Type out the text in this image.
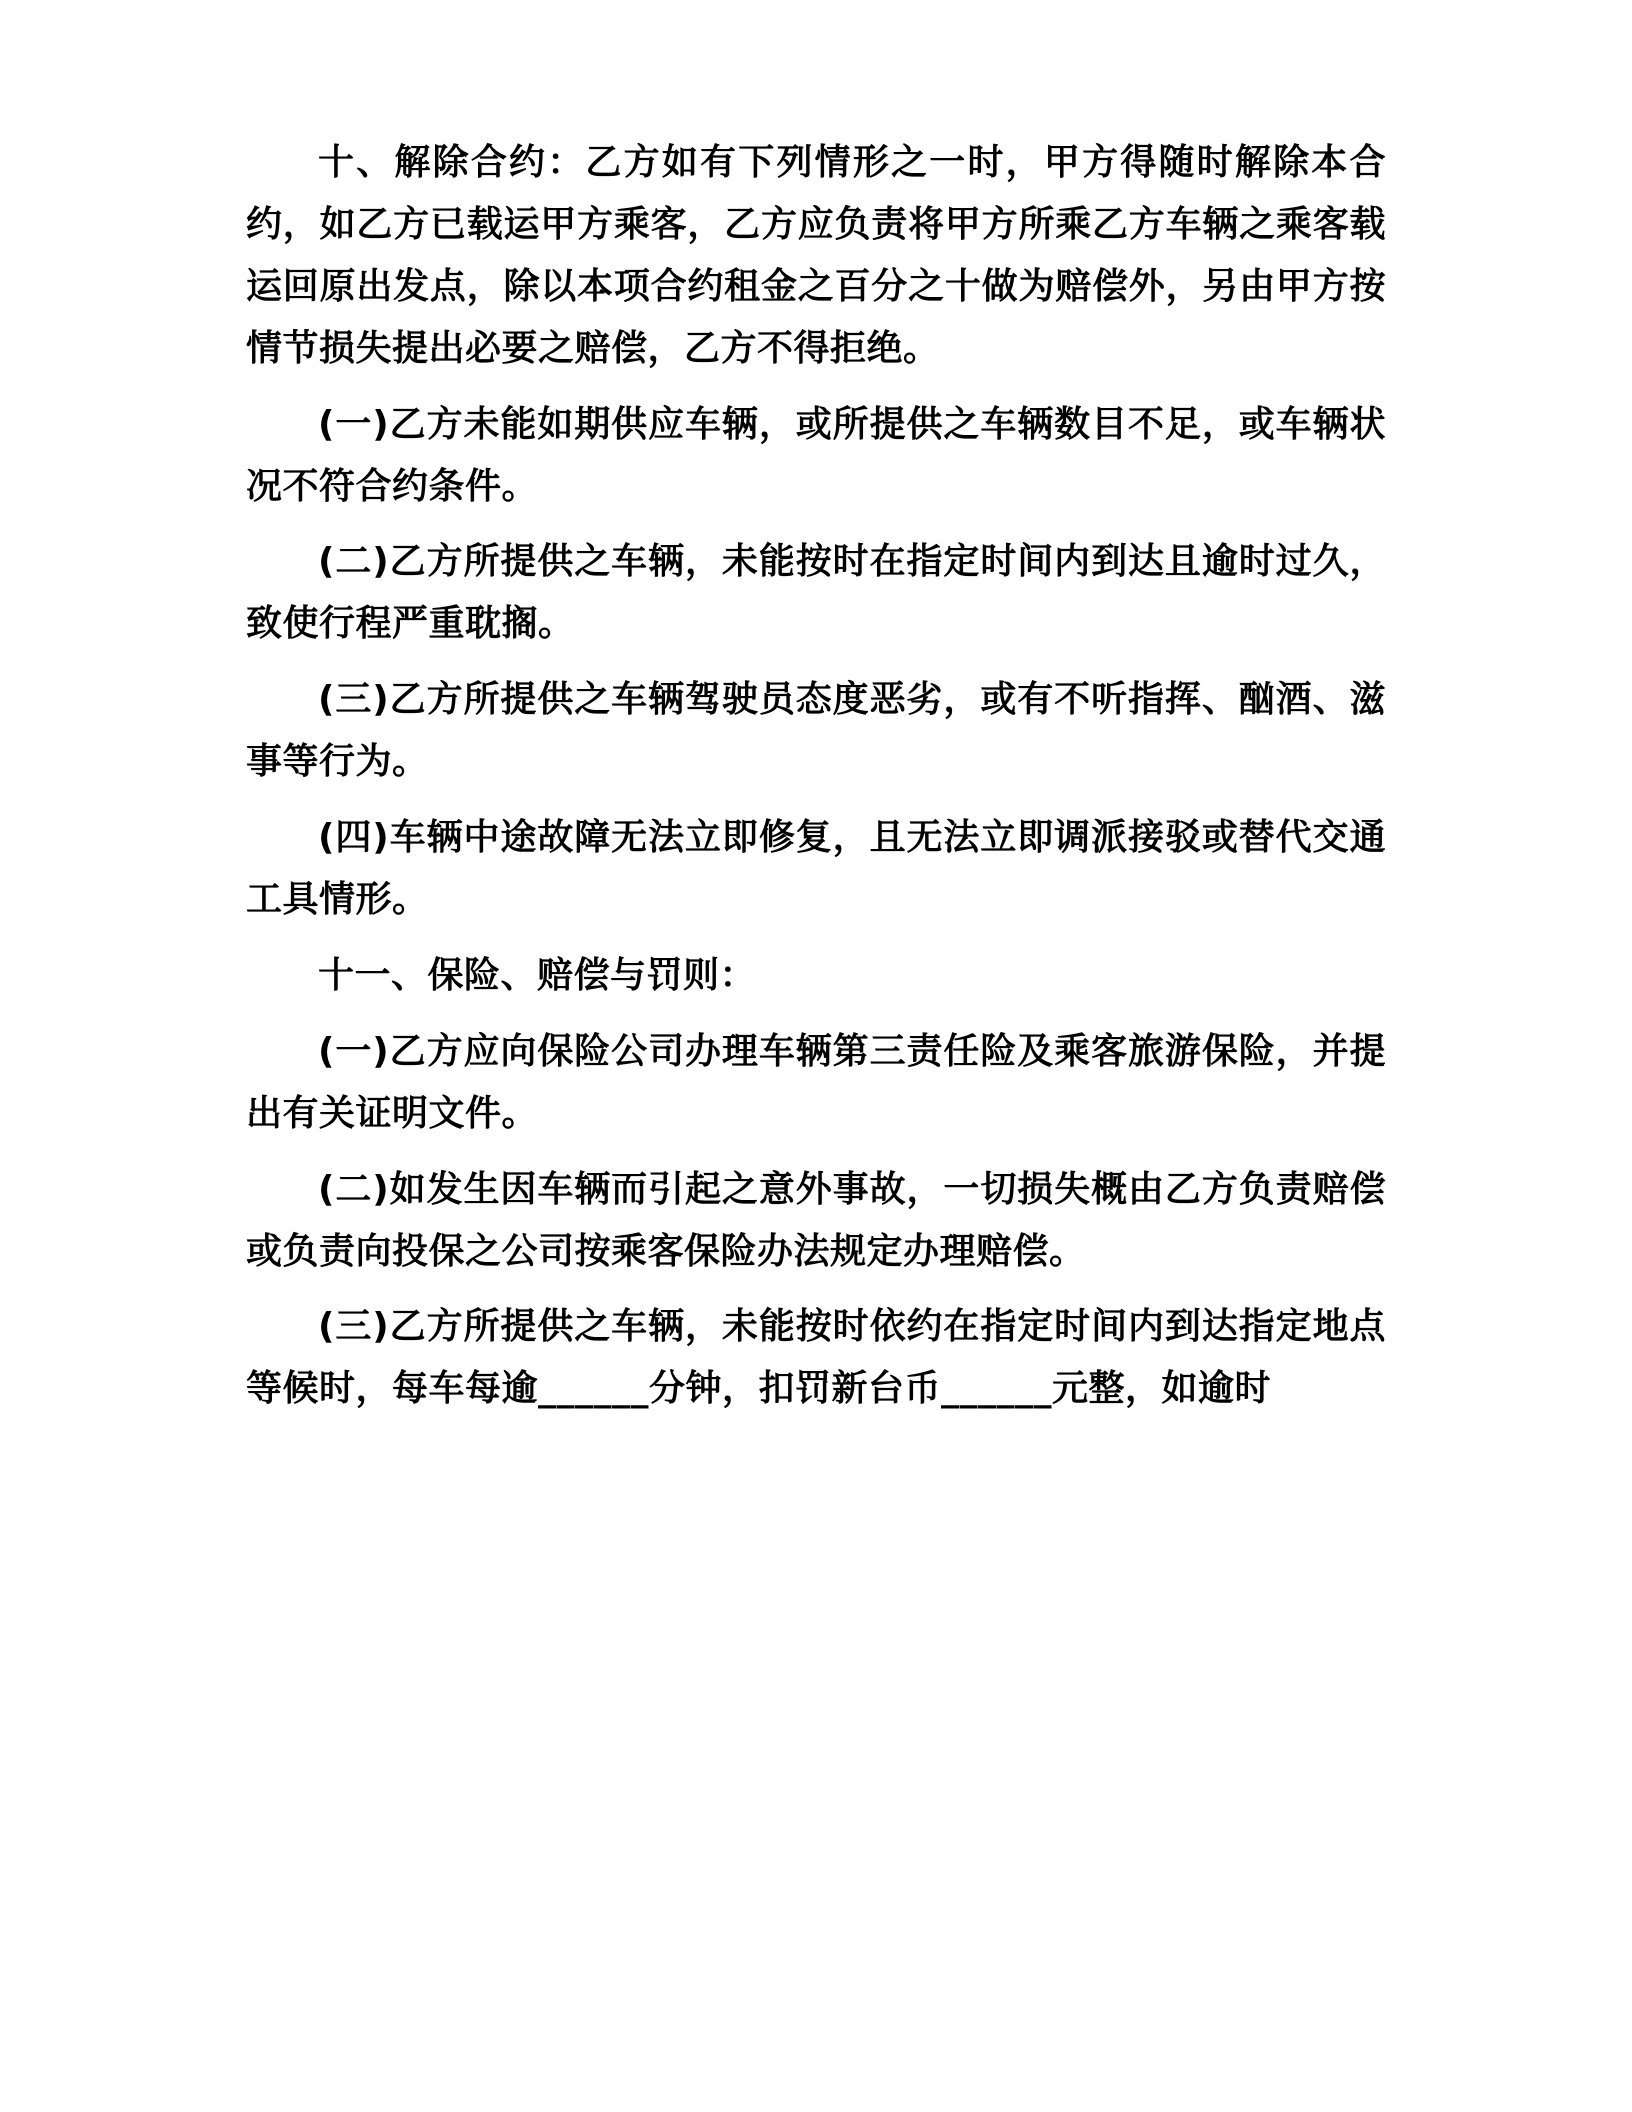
十、解除合约：乙方如有下列情形之一时，甲方得随时解除本合约，如乙方已载运甲方乘客，乙方应负责将甲方所乘乙方车辆之乘客载运回原出发点，除以本项合约租金之百分之十做为赔偿外，另由甲方按情节损失提出必要之赔偿，乙方不得拒绝。

(一)乙方未能如期供应车辆，或所提供之车辆数目不足，或车辆状况不符合约条件。

(二)乙方所提供之车辆，未能按时在指定时间内到达且逾时过久，致使行程严重耽搁。

(三)乙方所提供之车辆驾驶员态度恶劣，或有不听指挥、酗酒、滋事等行为。

(四)车辆中途故障无法立即修复，且无法立即调派接驳或替代交通工具情形。

十一、保险、赔偿与罚则：

(一)乙方应向保险公司办理车辆第三责任险及乘客旅游保险，并提出有关证明文件。

(二)如发生因车辆而引起之意外事故，一切损失概由乙方负责赔偿或负责向投保之公司按乘客保险办法规定办理赔偿。

(三)乙方所提供之车辆，未能按时依约在指定时间内到达指定地点等候时，每车每逾______分钟，扣罚新台币______元整，如逾时
